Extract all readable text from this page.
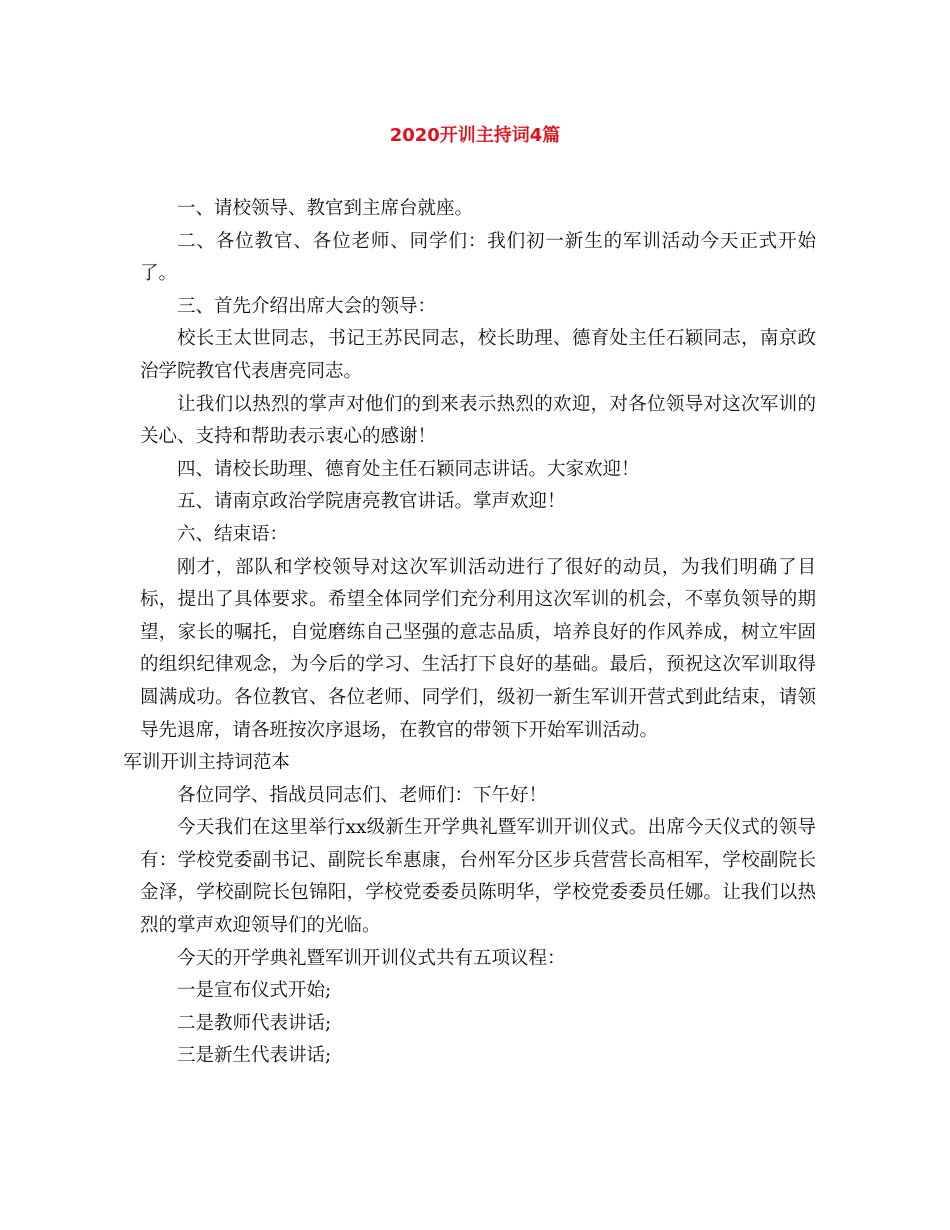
2020开训主持词4篇

一、请校领导、教官到主席台就座。

二、各位教官、各位老师、同学们：我们初一新生的军训活动今天正式开始了。

三、首先介绍出席大会的领导：

校长王太世同志，书记王苏民同志，校长助理、德育处主任石颖同志，南京政治学院教官代表唐亮同志。

让我们以热烈的掌声对他们的到来表示热烈的欢迎，对各位领导对这次军训的关心、支持和帮助表示衷心的感谢！

四、请校长助理、德育处主任石颖同志讲话。大家欢迎！

五、请南京政治学院唐亮教官讲话。掌声欢迎！

六、结束语：

刚才，部队和学校领导对这次军训活动进行了很好的动员，为我们明确了目标，提出了具体要求。希望全体同学们充分利用这次军训的机会，不辜负领导的期望，家长的嘱托，自觉磨练自己坚强的意志品质，培养良好的作风养成，树立牢固的组织纪律观念，为今后的学习、生活打下良好的基础。最后，预祝这次军训取得圆满成功。各位教官、各位老师、同学们，级初一新生军训开营式到此结束，请领导先退席，请各班按次序退场，在教官的带领下开始军训活动。

军训开训主持词范本

各位同学、指战员同志们、老师们：下午好！

今天我们在这里举行xx级新生开学典礼暨军训开训仪式。出席今天仪式的领导有：学校党委副书记、副院长牟惠康，台州军分区步兵营营长高相军，学校副院长金泽，学校副院长包锦阳，学校党委委员陈明华，学校党委委员任娜。让我们以热烈的掌声欢迎领导们的光临。

今天的开学典礼暨军训开训仪式共有五项议程：

一是宣布仪式开始;

二是教师代表讲话;

三是新生代表讲话;
